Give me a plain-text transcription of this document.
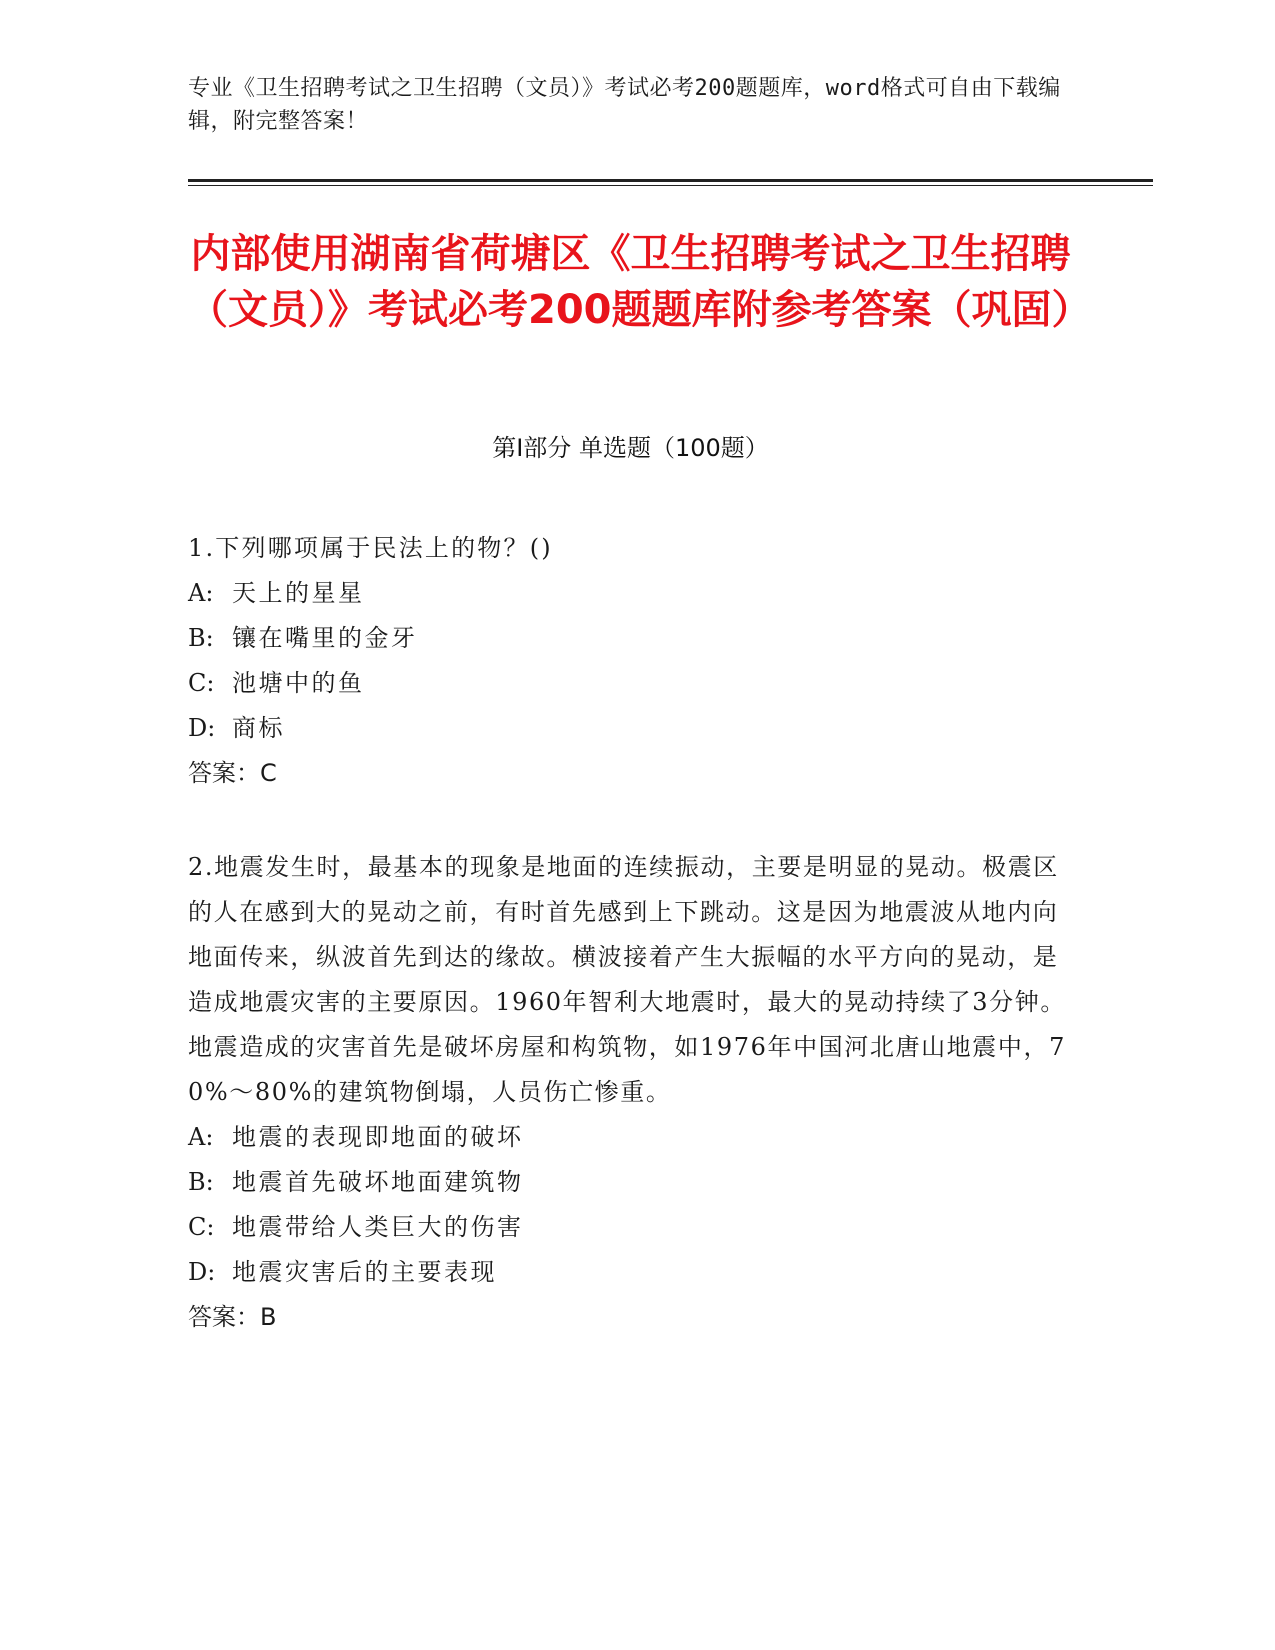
专业《卫生招聘考试之卫生招聘（文员）》考试必考200题题库，word格式可自由下载编辑，附完整答案！
内部使用湖南省荷塘区《卫生招聘考试之卫生招聘（文员）》考试必考200题题库附参考答案（巩固）
第Ⅰ部分 单选题（100题）
1.下列哪项属于民法上的物？()
A: 天上的星星
B: 镶在嘴里的金牙
C: 池塘中的鱼
D: 商标
答案：C
2.地震发生时，最基本的现象是地面的连续振动，主要是明显的晃动。极震区的人在感到大的晃动之前，有时首先感到上下跳动。这是因为地震波从地内向地面传来，纵波首先到达的缘故。横波接着产生大振幅的水平方向的晃动，是造成地震灾害的主要原因。1960年智利大地震时，最大的晃动持续了3分钟。地震造成的灾害首先是破坏房屋和构筑物，如1976年中国河北唐山地震中，70%～80%的建筑物倒塌，人员伤亡惨重。
A: 地震的表现即地面的破坏
B: 地震首先破坏地面建筑物
C: 地震带给人类巨大的伤害
D: 地震灾害后的主要表现
答案：B
